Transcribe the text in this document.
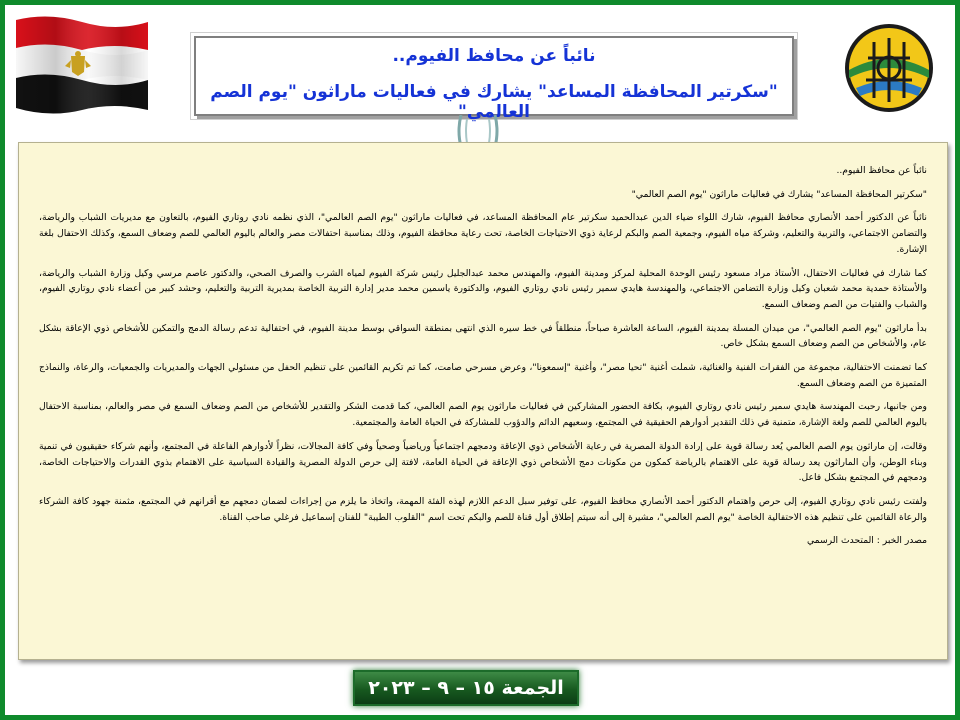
نائباً عن محافظ الفيوم..
"سكرتير المحافظة المساعد" يشارك في فعاليات ماراثون "يوم الصم العالمي"

نائباً عن محافظ الفيوم..

"سكرتير المحافظة المساعد" يشارك في فعاليات ماراثون "يوم الصم العالمي"

نائباً عن الدكتور أحمد الأنصاري محافظ الفيوم، شارك اللواء ضياء الدين عبدالحميد سكرتير عام المحافظة المساعد، في فعاليات ماراثون "يوم الصم العالمي"، الذي نظمه نادي روتاري الفيوم، بالتعاون مع مديريات الشباب والرياضة، والتضامن الاجتماعي، والتربية والتعليم، وشركة مياه الفيوم، وجمعية الصم والبكم لرعاية ذوي الاحتياجات الخاصة، تحت رعاية محافظة الفيوم، وذلك بمناسبة احتفالات مصر والعالم باليوم العالمي للصم وضعاف السمع، وكذلك الاحتفال بلغة الإشارة.

كما شارك في فعاليات الاحتفال، الأستاذ مراد مسعود رئيس الوحدة المحلية لمركز ومدينة الفيوم، والمهندس محمد عبدالجليل رئيس شركة الفيوم لمياه الشرب والصرف الصحي، والدكتور عاصم مرسي وكيل وزارة الشباب والرياضة، والأستاذة حمدية محمد شعبان وكيل وزارة التضامن الاجتماعي، والمهندسة هايدي سمير رئيس نادي روتاري الفيوم، والدكتورة ياسمين محمد مدير إدارة التربية الخاصة بمديرية التربية والتعليم، وحشد كبير من أعضاء نادي روتاري الفيوم، والشباب والفتيات من الصم وضعاف السمع.

بدأ ماراثون "يوم الصم العالمي"، من ميدان المسلة بمدينة الفيوم، الساعة العاشرة صباحاً، منطلقاً في خط سيره الذي انتهى بمنطقة السواقي بوسط مدينة الفيوم، في احتفالية تدعم رسالة الدمج والتمكين للأشخاص ذوي الإعاقة بشكل عام، والأشخاص من الصم وضعاف السمع بشكل خاص.

كما تضمنت الاحتفالية، مجموعة من الفقرات الفنية والغنائية، شملت أغنية "تحيا مصر"، وأغنية "إسمعونا"، وعرض مسرحي صامت، كما تم تكريم القائمين على تنظيم الحفل من مسئولي الجهات والمديريات والجمعيات، والرعاة، والنماذج المتميزة من الصم وضعاف السمع.

ومن جانبها، رحبت المهندسة هايدي سمير رئيس نادي روتاري الفيوم، بكافة الحضور المشاركين في فعاليات ماراثون يوم الصم العالمي، كما قدمت الشكر والتقدير للأشخاص من الصم وضعاف السمع في مصر والعالم، بمناسبة الاحتفال باليوم العالمي للصم ولغة الإشارة، متمنية في ذلك التقدير أدوارهم الحقيقية في المجتمع، وسعيهم الدائم والدؤوب للمشاركة في الحياة العامة والمجتمعية.

وقالت، إن ماراثون يوم الصم العالمي يُعد رسالة قوية على إرادة الدولة المصرية في رعاية الأشخاص ذوي الإعاقة ودمجهم اجتماعياً ورياضياً وصحياً وفي كافة المجالات، نظراً لأدوارهم الفاعلة في المجتمع، وأنهم شركاء حقيقيون في تنمية وبناء الوطن، وأن الماراثون يعد رسالة قوية على الاهتمام بالرياضة كمكون من مكونات دمج الأشخاص ذوي الإعاقة في الحياة العامة، لافتة إلى حرص الدولة المصرية والقيادة السياسية على الاهتمام بذوي القدرات والاحتياجات الخاصة، ودمجهم في المجتمع بشكل فاعل.

ولفتت رئيس نادي روتاري الفيوم، إلى حرص واهتمام الدكتور أحمد الأنصاري محافظ الفيوم، على توفير سبل الدعم اللازم لهذه الفئة المهمة، واتخاذ ما يلزم من إجراءات لضمان دمجهم مع أقرانهم في المجتمع، مثمنة جهود كافة الشركاء والرعاة القائمين على تنظيم هذه الاحتفالية الخاصة "يوم الصم العالمي"، مشيرة إلى أنه سيتم إطلاق أول قناة للصم والبكم تحت اسم "القلوب الطيبة" للفنان إسماعيل فرغلي صاحب القناة.

مصدر الخبر : المتحدث الرسمي

الجمعة ١٥ – ٩ – ٢٠٢٣
